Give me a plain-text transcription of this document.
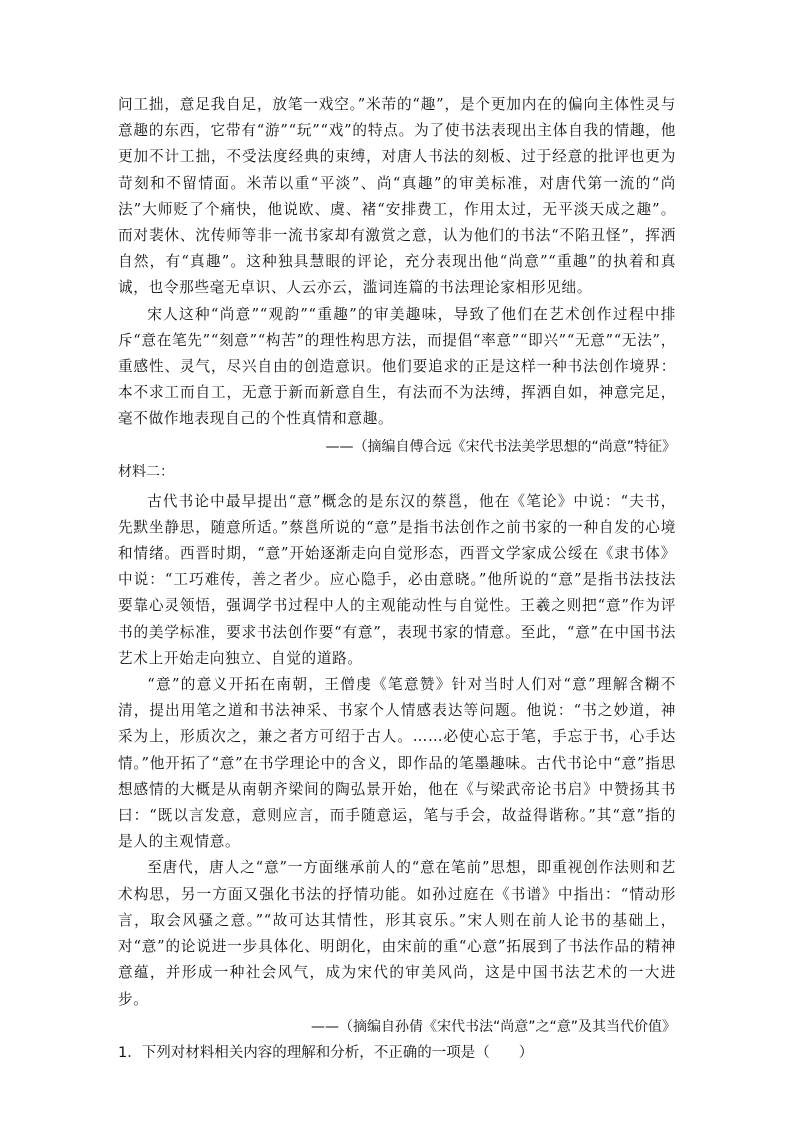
问工拙，意足我自足，放笔一戏空。”米芾的“趣”，是个更加内在的偏向主体性灵与意趣的东西，它带有“游”“玩”“戏”的特点。为了使书法表现出主体自我的情趣，他更加不计工拙，不受法度经典的束缚，对唐人书法的刻板、过于经意的批评也更为苛刻和不留情面。米芾以重“平淡”、尚“真趣”的审美标准，对唐代第一流的“尚法”大师贬了个痛快，他说欧、虞、褚“安排费工，作用太过，无平淡天成之趣”。而对裴休、沈传师等非一流书家却有激赏之意，认为他们的书法“不陷丑怪”，挥洒自然，有“真趣”。这种独具慧眼的评论，充分表现出他“尚意”“重趣”的执着和真诚，也令那些毫无卓识、人云亦云，滥词连篇的书法理论家相形见绌。

宋人这种“尚意”“观韵”“重趣”的审美趣味，导致了他们在艺术创作过程中排斥“意在笔先”“刻意”“构苦”的理性构思方法，而提倡“率意”“即兴”“无意”“无法”，重感性、灵气，尽兴自由的创造意识。他们要追求的正是这样一种书法创作境界：本不求工而自工，无意于新而新意自生，有法而不为法缚，挥洒自如，神意完足，毫不做作地表现自己的个性真情和意趣。

——（摘编自傅合远《宋代书法美学思想的“尚意”特征》
材料二：

古代书论中最早提出“意”概念的是东汉的蔡邕，他在《笔论》中说：“夫书，先默坐静思，随意所适。”蔡邕所说的“意”是指书法创作之前书家的一种自发的心境和情绪。西晋时期，“意”开始逐渐走向自觉形态，西晋文学家成公绥在《隶书体》中说：“工巧难传，善之者少。应心隐手，必由意晓。”他所说的“意”是指书法技法要靠心灵领悟，强调学书过程中人的主观能动性与自觉性。王羲之则把“意”作为评书的美学标准，要求书法创作要“有意”，表现书家的情意。至此，“意”在中国书法艺术上开始走向独立、自觉的道路。

“意”的意义开拓在南朝，王僧虔《笔意赞》针对当时人们对“意”理解含糊不清，提出用笔之道和书法神采、书家个人情感表达等问题。他说：“书之妙道，神采为上，形质次之，兼之者方可绍于古人。……必使心忘于笔，手忘于书，心手达情。”他开拓了“意”在书学理论中的含义，即作品的笔墨趣味。古代书论中“意”指思想感情的大概是从南朝齐梁间的陶弘景开始，他在《与梁武帝论书启》中赞扬其书曰：“既以言发意，意则应言，而手随意运，笔与手会，故益得谐称。”其“意”指的是人的主观情意。

至唐代，唐人之“意”一方面继承前人的“意在笔前”思想，即重视创作法则和艺术构思，另一方面又强化书法的抒情功能。如孙过庭在《书谱》中指出：“情动形言，取会风骚之意。”“故可达其情性，形其哀乐。”宋人则在前人论书的基础上，对“意”的论说进一步具体化、明朗化，由宋前的重“心意”拓展到了书法作品的精神意蕴，并形成一种社会风气，成为宋代的审美风尚，这是中国书法艺术的一大进步。

——（摘编自孙倩《宋代书法“尚意”之“意”及其当代价值》
1．下列对材料相关内容的理解和分析，不正确的一项是（　　）
